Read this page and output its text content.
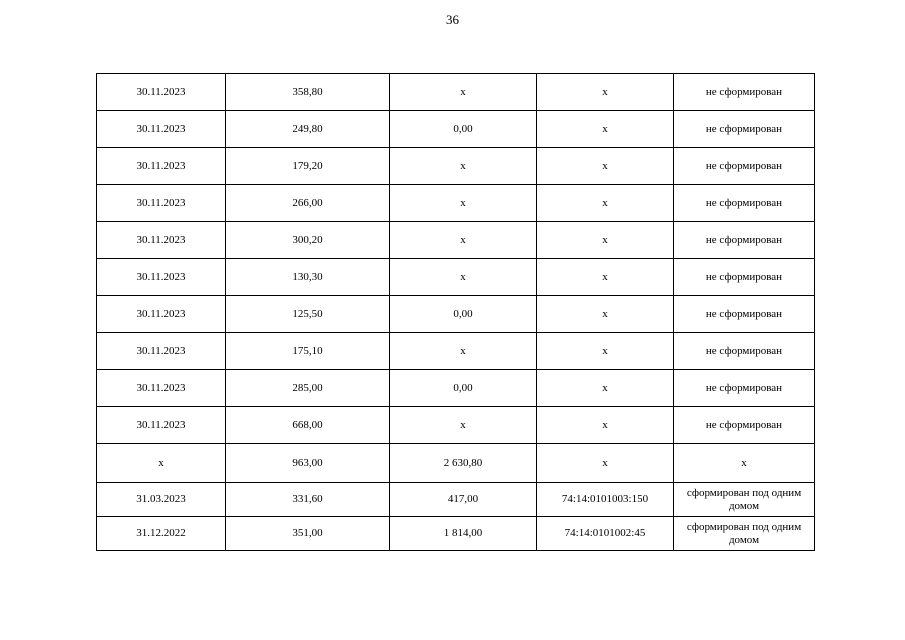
36
30.11.2023	358,80	x	x	не сформирован
30.11.2023	249,80	0,00	x	не сформирован
30.11.2023	179,20	x	x	не сформирован
30.11.2023	266,00	x	x	не сформирован
30.11.2023	300,20	x	x	не сформирован
30.11.2023	130,30	x	x	не сформирован
30.11.2023	125,50	0,00	x	не сформирован
30.11.2023	175,10	x	x	не сформирован
30.11.2023	285,00	0,00	x	не сформирован
30.11.2023	668,00	x	x	не сформирован
x	963,00	2 630,80	x	x
31.03.2023	331,60	417,00	74:14:0101003:150	сформирован под одним домом
31.12.2022	351,00	1 814,00	74:14:0101002:45	сформирован под одним домом
